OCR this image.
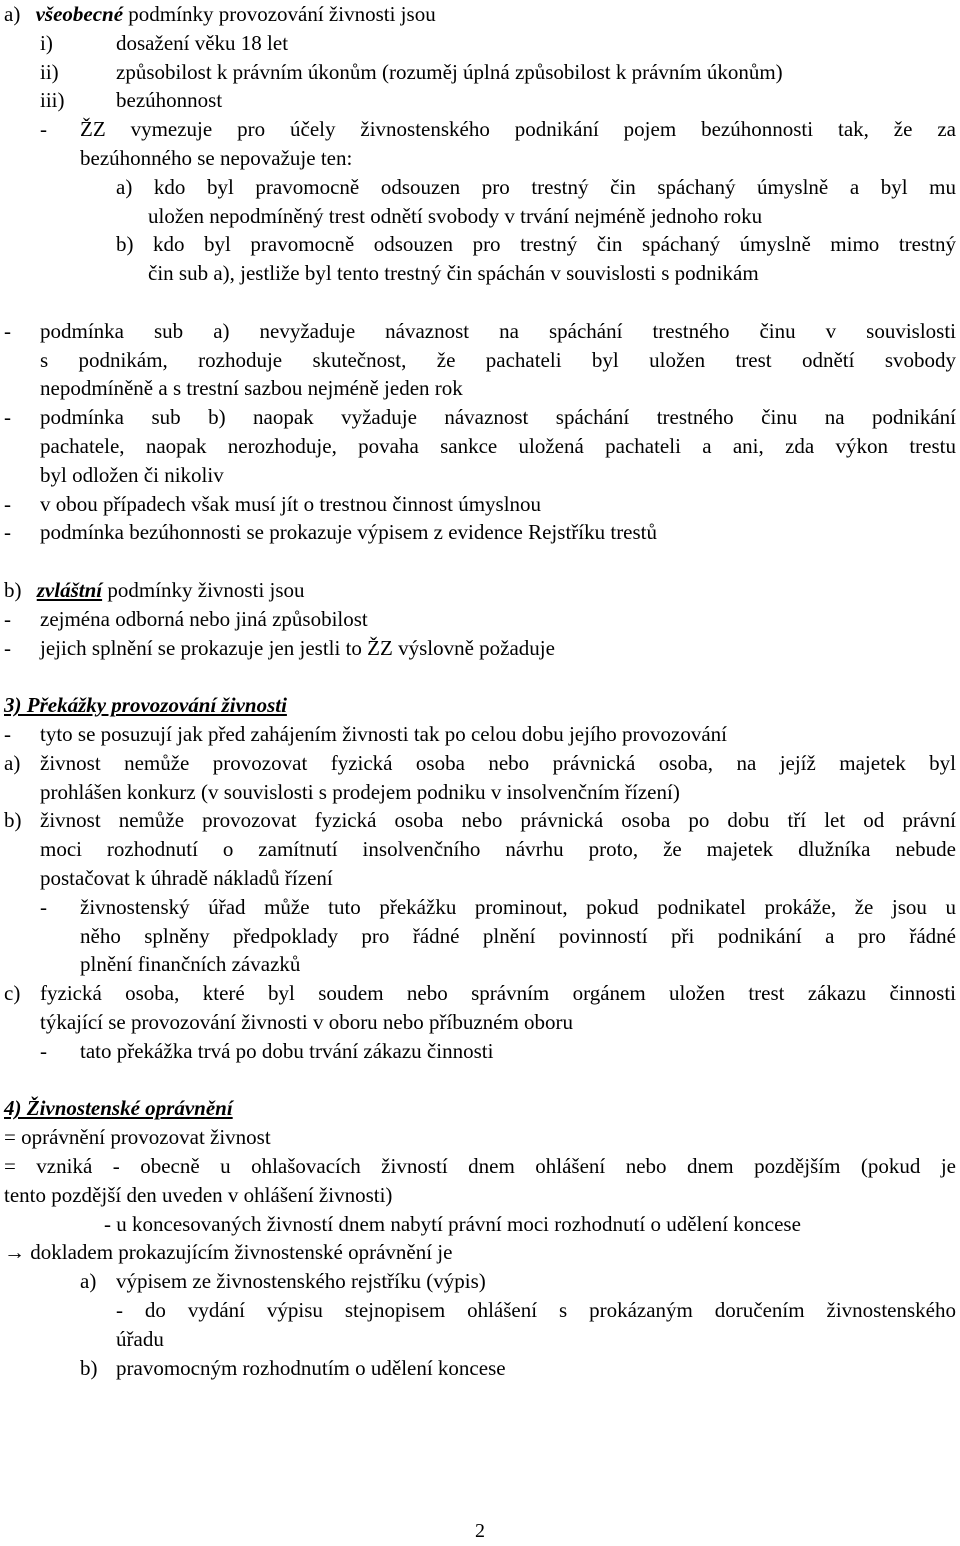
a) všeobecné podmínky provozování živnosti jsou
i)	dosažení věku 18 let
ii)	způsobilost k právním úkonům (rozuměj úplná způsobilost k právním úkonům)
iii) bezúhonnost
- ŽZ vymezuje pro účely živnostenského podnikání pojem bezúhonnosti tak, že za
bezúhonného se nepovažuje ten:
a) kdo byl pravomocně odsouzen pro trestný čin spáchaný úmyslně a byl mu
uložen nepodmíněný trest odnětí svobody v trvání nejméně jednoho roku
b) kdo byl pravomocně odsouzen pro trestný čin spáchaný úmyslně mimo trestný
čin sub a), jestliže byl tento trestný čin spáchán v souvislosti s podnikám
- podmínka sub a) nevyžaduje návaznost na spáchání trestného činu v souvislosti
s podnikám, rozhoduje skutečnost, že pachateli byl uložen trest odnětí svobody
nepodmíněně a s trestní sazbou nejméně jeden rok
- podmínka sub b) naopak vyžaduje návaznost spáchání trestného činu na podnikání
pachatele, naopak nerozhoduje, povaha sankce uložená pachateli a ani, zda výkon trestu
byl odložen či nikoliv
- v obou případech však musí jít o trestnou činnost úmyslnou
- podmínka bezúhonnosti se prokazuje výpisem z evidence Rejstříku trestů
b) zvláštní podmínky živnosti jsou
- zejména odborná nebo jiná způsobilost
- jejich splnění se prokazuje jen jestli to ŽZ výslovně požaduje
3) Překážky provozování živnosti
- tyto se posuzují jak před zahájením živnosti tak po celou dobu jejího provozování
a) živnost nemůže provozovat fyzická osoba nebo právnická osoba, na jejíž majetek byl
prohlášen konkurz (v souvislosti s prodejem podniku v insolvenčním řízení)
b) živnost nemůže provozovat fyzická osoba nebo právnická osoba po dobu tří let od právní
moci rozhodnutí o zamítnutí insolvenčního návrhu proto, že majetek dlužníka nebude
postačovat k úhradě nákladů řízení
- živnostenský úřad může tuto překážku prominout, pokud podnikatel prokáže, že jsou u
něho splněny předpoklady pro řádné plnění povinností při podnikání a pro řádné
plnění finančních závazků
c) fyzická osoba, které byl soudem nebo správním orgánem uložen trest zákazu činnosti
týkající se provozování živnosti v oboru nebo příbuzném oboru
- tato překážka trvá po dobu trvání zákazu činnosti
4) Živnostenské oprávnění
= oprávnění provozovat živnost
= vzniká - obecně u ohlašovacích živností dnem ohlášení nebo dnem pozdějším (pokud je
tento pozdější den uveden v ohlášení živnosti)
- u koncesovaných živností dnem nabytí právní moci rozhodnutí o udělení koncese
→ dokladem prokazujícím živnostenské oprávnění je
a) výpisem ze živnostenského rejstříku (výpis)
- do vydání výpisu stejnopisem ohlášení s prokázaným doručením živnostenského
úřadu
b) pravomocným rozhodnutím o udělení koncese
2
